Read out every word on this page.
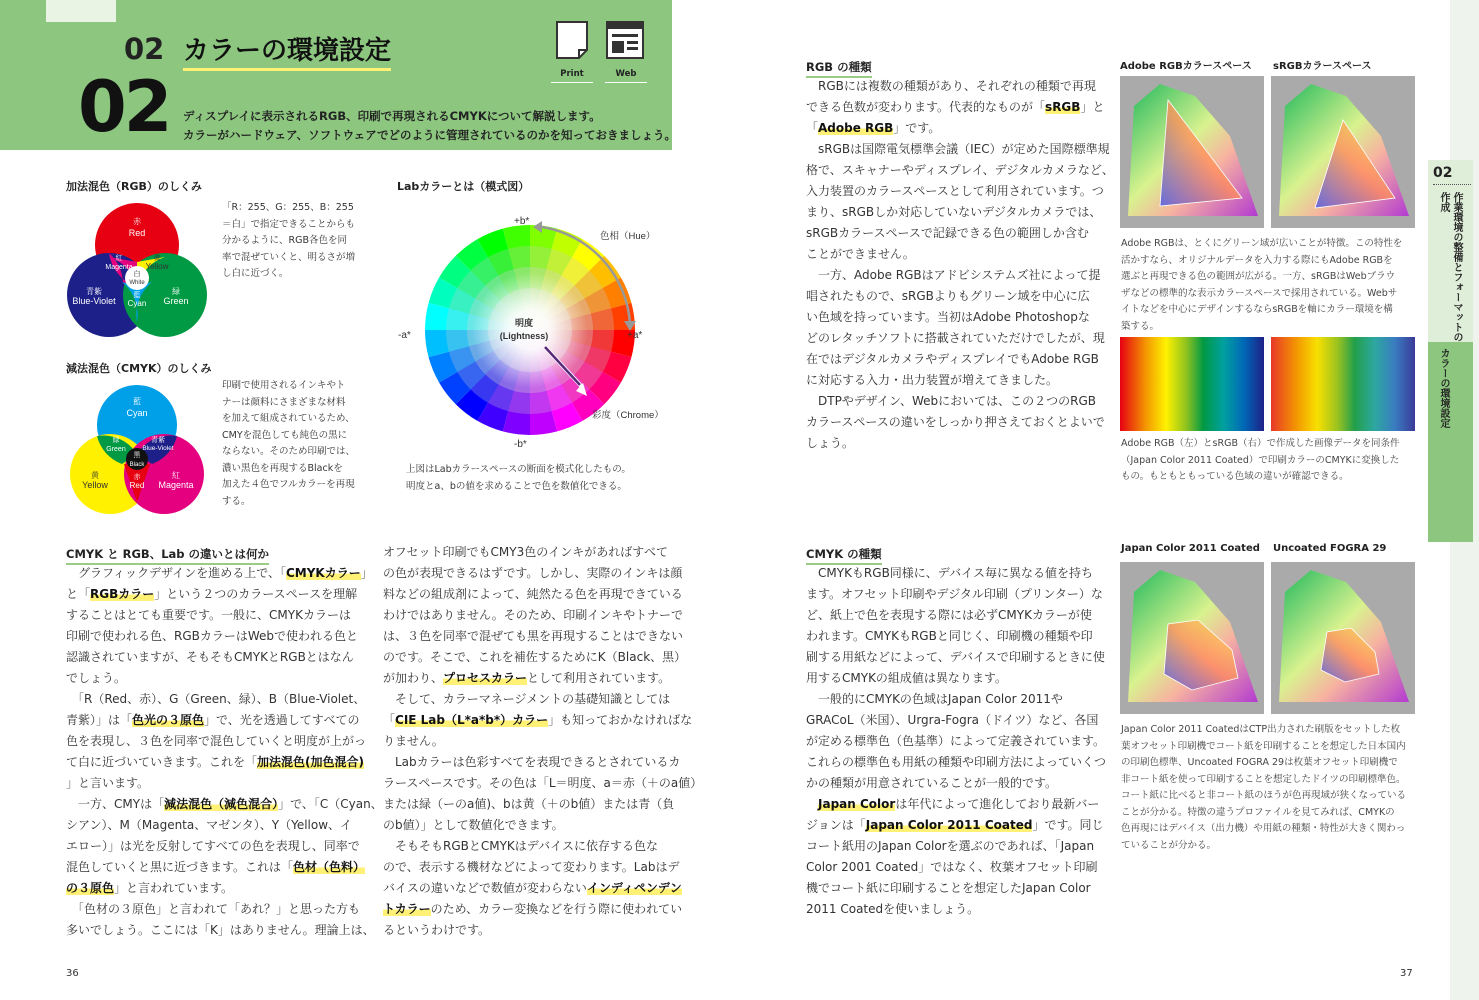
02 カラーの環境設定
02 ディスプレイに表示されるRGB、印刷で再現されるCMYKについて解説します。
カラーがハードウェア、ソフトウェアでどのように管理されているのかを知っておきましょう。
Print	Web
加法混色（RGB）のしくみ
赤
Red
青紫
Blue-Violet
緑
Green
紅
Magenta
黄
Yellow
藍
Cyan
白
White
「R：255、G：255、B：255
＝白」で指定できることからも
分かるように、RGB各色を同
率で混ぜていくと、明るさが増
し白に近づく。
減法混色（CMYK）のしくみ
藍
Cyan
黄
Yellow
紅
Magenta
緑
Green
青紫
Blue-Violet
黒
Black
赤
Red
印刷で使用されるインキやト
ナーは顔料にさまざまな材料
を加えて組成されているため、
CMYを混色しても純色の黒に
ならない。そのため印刷では、
濃い黒色を再現するBlackを
加えた４色でフルカラーを再現
する。
Labカラーとは（模式図）
+b*
-b*
+a*
-a*
色相（Hue）
彩度（Chrome）
明度
(Lightness)
上図はLabカラースペースの断面を模式化したもの。
明度とa、bの値を求めることで色を数値化できる。
CMYK と RGB、Lab の違いとは何か
　グラフィックデザインを進める上で、「CMYKカラー」
と「RGBカラー」という２つのカラースペースを理解
することはとても重要です。一般に、CMYKカラーは
印刷で使われる色、RGBカラーはWebで使われる色と
認識されていますが、そもそもCMYKとRGBとはなん
でしょう。
　「R（Red、赤）、G（Green、緑）、B（Blue-Violet、
青紫）」は「色光の３原色」で、光を透過してすべての
色を表現し、３色を同率で混色していくと明度が上がっ
て白に近づいていきます。これを「加法混色(加色混合)
」と言います。
　一方、CMYは「減法混色（減色混合）」で、「C（Cyan、
シアン）、M（Magenta、マゼンタ）、Y（Yellow、イ
エロー）」は光を反射してすべての色を表現し、同率で
混色していくと黒に近づきます。これは「色材（色料）
の３原色」と言われています。
　「色材の３原色」と言われて「あれ？」と思った方も
多いでしょう。ここには「K」はありません。理論上は、
オフセット印刷でもCMY3色のインキがあればすべて
の色が表現できるはずです。しかし、実際のインキは顔
料などの組成剤によって、純然たる色を再現できている
わけではありません。そのため、印刷インキやトナーで
は、３色を同率で混ぜても黒を再現することはできない
のです。そこで、これを補佐するためにK（Black、黒）
が加わり、プロセスカラーとして利用されています。
　そして、カラーマネージメントの基礎知識としては
「CIE Lab（L*a*b*）カラー」も知っておかなければな
りません。
　Labカラーは色彩すべてを表現できるとされているカ
ラースペースです。その色は「L＝明度、a＝赤（＋のa値）
または緑（ーのa値)、bは黄（＋のb値）または青（負
のb値）」として数値化できます。
　そもそもRGBとCMYKはデバイスに依存する色な
ので、表示する機材などによって変わります。Labはデ
バイスの違いなどで数値が変わらないインディペンデン
トカラーのため、カラー変換などを行う際に使われてい
るというわけです。
RGB の種類
　RGBには複数の種類があり、それぞれの種類で再現
できる色数が変わります。代表的なものが「sRGB」と
「Adobe RGB」です。
　sRGBは国際電気標準会議（IEC）が定めた国際標準規
格で、スキャナーやディスプレイ、デジタルカメラなど、
入力装置のカラースペースとして利用されています。つ
まり、sRGBしか対応していないデジタルカメラでは、
sRGBカラースペースで記録できる色の範囲しか含む
ことができません。
　一方、Adobe RGBはアドビシステムズ社によって提
唱されたもので、sRGBよりもグリーン域を中心に広
い色域を持っています。当初はAdobe Photoshopな
どのレタッチソフトに搭載されていただけでしたが、現
在ではデジタルカメラやディスプレイでもAdobe RGB
に対応する入力・出力装置が増えてきました。
　DTPやデザイン、Webにおいては、この２つのRGB
カラースペースの違いをしっかり押さえておくとよいで
しょう。
Adobe RGBカラースペース sRGBカラースペース
Adobe RGBは、とくにグリーン域が広いことが特徴。この特性を
活かすなら、オリジナルデータを入力する際にもAdobe RGBを
選ぶと再現できる色の範囲が広がる。一方、sRGBはWebブラウ
ザなどの標準的な表示カラースペースで採用されている。Webサ
イトなどを中心にデザインするならsRGBを軸にカラー環境を構
築する。
Adobe RGB（左）とsRGB（右）で作成した画像データを同条件
（Japan Color 2011 Coated）で印刷カラーのCMYKに変換した
もの。もともともっている色域の違いが確認できる。
CMYK の種類
　CMYKもRGB同様に、デバイス毎に異なる値を持ち
ます。オフセット印刷やデジタル印刷（プリンター）な
ど、紙上で色を表現する際には必ずCMYKカラーが使
われます。CMYKもRGBと同じく、印刷機の種類や印
刷する用紙などによって、デバイスで印刷するときに使
用するCMYKの組成値は異なります。
　一般的にCMYKの色域はJapan Color 2011や
GRACoL（米国）、Urgra-Fogra（ドイツ）など、各国
が定める標準色（色基準）によって定義されています。
これらの標準色も用紙の種類や印刷方法によっていくつ
かの種類が用意されていることが一般的です。
　Japan Colorは年代によって進化しており最新バー
ジョンは「Japan Color 2011 Coated」です。同じ
コート紙用のJapan Colorを選ぶのであれば、「Japan
Color 2001 Coated」ではなく、枚葉オフセット印刷
機でコート紙に印刷することを想定したJapan Color
2011 Coatedを使いましょう。
Japan Color 2011 Coated Uncoated FOGRA 29
Japan Color 2011 CoatedはCTP出力された刷版をセットした枚
葉オフセット印刷機でコート紙を印刷することを想定した日本国内
の印刷色標準、Uncoated FOGRA 29は枚葉オフセット印刷機で
非コート紙を使って印刷することを想定したドイツの印刷標準色。
コート紙に比べると非コート紙のほうが色再現域が狭くなっている
ことが分かる。特徴の違うプロファイルを見てみれば、CMYKの
色再現にはデバイス（出力機）や用紙の種類・特性が大きく関わっ
ていることが分かる。
02
作業環境の整備とフォーマットの作成
カラーの環境設定
36	37
